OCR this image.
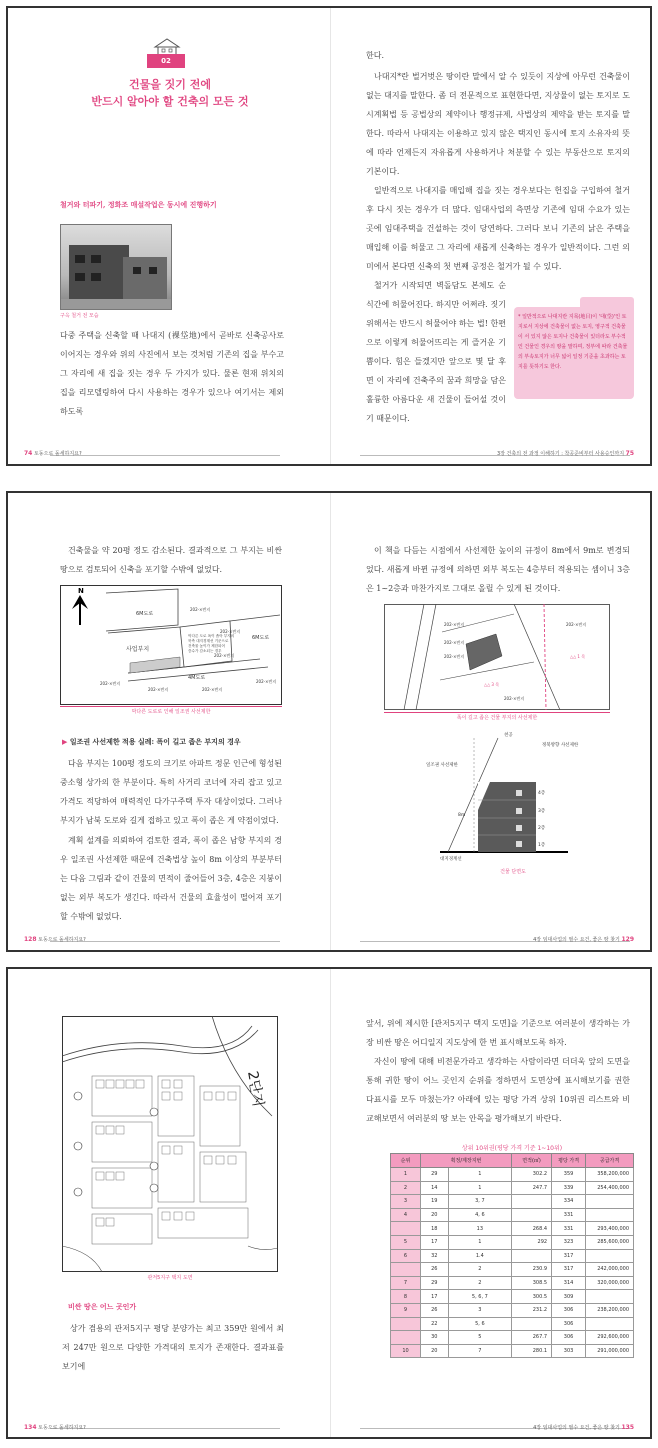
02
건물을 짓기 전에
반드시 알아야 할 건축의 모든 것
철거와 터파기, 정화조 매설작업은 동시에 진행하기
구옥 철거 전 모습
다중 주택을 신축할 때 나대지 (裸垈地)에서 곧바로 신축공사로 이어지는 경우와 위의 사진에서 보는 것처럼 기존의 집을 부수고 그 자리에 새 집을 짓는 경우 두 가지가 있다. 물론 현재 위치의 집을 리모델링하여 다시 사용하는 경우가 있으나 여기서는 제외하도록
한다.
나대지*란 벌거벗은 땅이란 말에서 알 수 있듯이 지상에 아무런 건축물이 없는 대지를 말한다. 좀 더 전문적으로 표현한다면, 지상물이 없는 토지로 도시계획법 등 공법상의 제약이나 행정규제, 사법상의 제약을 받는 토지를 말한다. 따라서 나대지는 이용하고 있지 않은 택지인 동시에 토지 소유자의 뜻에 따라 언제든지 자유롭게 사용하거나 처분할 수 있는 부동산으로 토지의 기본이다.
일반적으로 나대지를 매입해 집을 짓는 경우보다는 헌집을 구입하여 철거 후 다시 짓는 경우가 더 많다. 임대사업의 측면상 기존에 임대 수요가 있는 곳에 임대주택을 건설하는 것이 당연하다. 그러다 보니 기존의 낡은 주택을 매입해 이를 허물고 그 자리에 새롭게 신축하는 경우가 일반적이다. 그런 의미에서 본다면 신축의 첫 번째 공정은 철거가 될 수 있다.
철거가 시작되면 벽돌담도 본체도 순식간에 허물어진다. 하지만 어쩌랴. 짓기 위해서는 반드시 허물어야 하는 법! 한편으로 이렇게 허물어뜨리는 게 즐거운 기쁨이다. 힘은 들겠지만 앞으로 몇 달 후면 이 자리에 건축주의 꿈과 희망을 담은 훌륭한 아름다운 새 건물이 들어설 것이기 때문이다.
* 일반적으로 나대지란 지목(地目)이 '대(垈)'인 토지로서 지상에 건축물이 없는 토지, 영구적 건축물이 서 있지 않은 토지나 건축물이 있더라도 부수적인 건물인 경우의 땅을 말하며, 정부에 따라 건축물의 부속토지가 너무 넓어 일정 기준을 초과하는 토지를 뜻하기도 한다.
74 토동으로 돌세하지요?	3장 건축의 전 과정 이해하기 : 착공준비부터 사용승인까지 75
건축물을 약 20평 정도 감소된다. 결과적으로 그 부지는 비싼 땅으로 검토되어 신축을 포기할 수밖에 없었다.
N
6M도로
사업부지
6M도로
4M도로
202-×번지
202-×번지
202-×번지
202-×번지
202-×번지	202-×번지
202-×번지
막다른 도로 폭이 좁아 부지의
북측 대지경계선 기준으로
건축물 높이가 제한되어
층수가 감소되는 경우
막다른 도로로 인해 일조권 사선제한
▶ 일조권 사선제한 적용 실례: 폭이 길고 좁은 부지의 경우
다음 부지는 100평 정도의 크기로 아파트 정문 인근에 형성된 중소형 상가의 한 부분이다. 특히 사거리 코너에 자리 잡고 있고 가격도 적당하여 매력적인 다가구주택 투자 대상이었다. 그러나 부지가 남북 도로와 길게 접하고 있고 폭이 좁은 게 약점이었다.
계획 설계를 의뢰하여 검토한 결과, 폭이 좁은 남향 부지의 경우 일조권 사선제한 때문에 건축법상 높이 8m 이상의 부분부터는 다음 그림과 같이 건물의 면적이 줄어들어 3층, 4층은 지붕이 없는 외부 복도가 생긴다. 따라서 건물의 효율성이 떨어져 포기할 수밖에 없었다.
이 책을 다듬는 시점에서 사선제한 높이의 규정이 8m에서 9m로 변경되었다. 새롭게 바뀐 규정에 의하면 외부 복도는 4층부터 적용되는 셈이니 3층은 1~2층과 마찬가지로 그대로 올릴 수 있게 된 것이다.
202-×번지
202-×번지
202-×번지
△△ 3 목
202-×번지
△△ 1 목
202-×번지
폭이 길고 좁은 건물 부지의 사선제한
천공
일조권 사선제한
정북방향 사선제한
4층
3층
2층
1층
8m
대지경계선
건물 단면도
128 토동으로 돌세하지요?	4장 임대사업의 필수 요건, 좋은 땅 찾기 129
2단지
관저5지구 택지 도면
비싼 땅은 어느 곳인가
상가 겸용의 관저5지구 평당 분양가는 최고 359만 원에서 최저 247만 원으로 다양한 가격대의 토지가 존재한다. 결과표를 보기에
앞서, 위에 제시한 [관저5지구 택지 도면]을 기준으로 여러분이 생각하는 가장 비싼 땅은 어디일지 지도상에 한 번 표시해보도록 하자.
자신이 땅에 대해 비전문가라고 생각하는 사람이라면 더더욱 앞의 도면을 통해 귀한 땅이 어느 곳인지 순위를 정하면서 도면상에 표시해보기를 권한다.
표시를 모두 마쳤는가? 아래에 있는 평당 가격 상위 10위권 리스트와 비교해보면서 여러분의 땅 보는 안목을 평가해보기 바란다.
상위 10위권(평당 가격 기준 1~10위)
순위	획정/계장지번		면적(㎡)	평당 가격	공급가격
1	29	1	302.2	359	358,200,000
2	14	1	247.7	339	254,400,000
3	19	3, 7		334	
4	20	4, 6		331	
	18	13	268.4	331	293,400,000
5	17	1	292	323	285,600,000
6	32	1.4		317	
	26	2	230.9	317	242,000,000
7	29	2	308.5	314	320,000,000
8	17	5, 6, 7	300.5	309	
9	26	3	231.2	306	238,200,000
	22	5, 6		306	
	30	5	267.7	306	292,600,000
10	20	7	280.1	303	291,000,000
134 토동으로 돌세하지요?	4장 임대사업의 필수 요건, 좋은 땅 찾기 135
